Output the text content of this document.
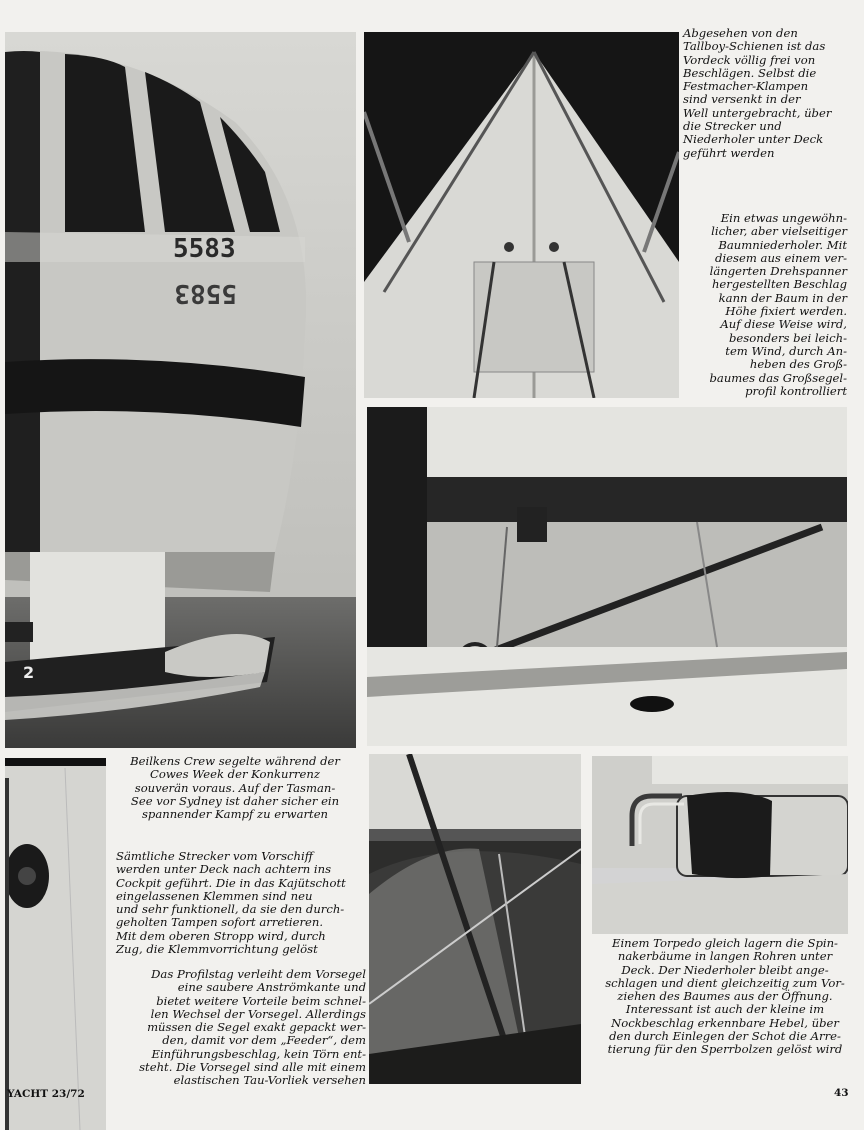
5583
5583
2

Abgesehen von den
Tallboy-Schienen ist das
Vordeck völlig frei von
Beschlägen. Selbst die
Festmacher-Klampen
sind versenkt in der
Well untergebracht, über
die Strecker und
Niederholer unter Deck
geführt werden

Ein etwas ungewöhn-
licher, aber vielseitiger
Baumniederholer. Mit
diesem aus einem ver-
längerten Drehspanner
hergestellten Beschlag
kann der Baum in der
Höhe fixiert werden.
Auf diese Weise wird,
besonders bei leich-
tem Wind, durch An-
heben des Groß-
baumes das Großsegel-
profil kontrolliert

Beilkens Crew segelte während der
Cowes Week der Konkurrenz
souverän voraus. Auf der Tasman-
See vor Sydney ist daher sicher ein
spannender Kampf zu erwarten

Sämtliche Strecker vom Vorschiff
werden unter Deck nach achtern ins
Cockpit geführt. Die in das Kajütschott
eingelassenen Klemmen sind neu
und sehr funktionell, da sie den durch-
geholten Tampen sofort arretieren.
Mit dem oberen Stropp wird, durch
Zug, die Klemmvorrichtung gelöst

Das Profilstag verleiht dem Vorsegel
eine saubere Anströmkante und
bietet weitere Vorteile beim schnel-
len Wechsel der Vorsegel. Allerdings
müssen die Segel exakt gepackt wer-
den, damit vor dem „Feeder“, dem
Einführungsbeschlag, kein Törn ent-
steht. Die Vorsegel sind alle mit einem
elastischen Tau-Vorliek versehen

Einem Torpedo gleich lagern die Spin-
nakerbäume in langen Rohren unter
Deck. Der Niederholer bleibt ange-
schlagen und dient gleichzeitig zum Vor-
ziehen des Baumes aus der Öffnung.
Interessant ist auch der kleine im
Nockbeschlag erkennbare Hebel, über
den durch Einlegen der Schot die Arre-
tierung für den Sperrbolzen gelöst wird

YACHT 23/72	43
